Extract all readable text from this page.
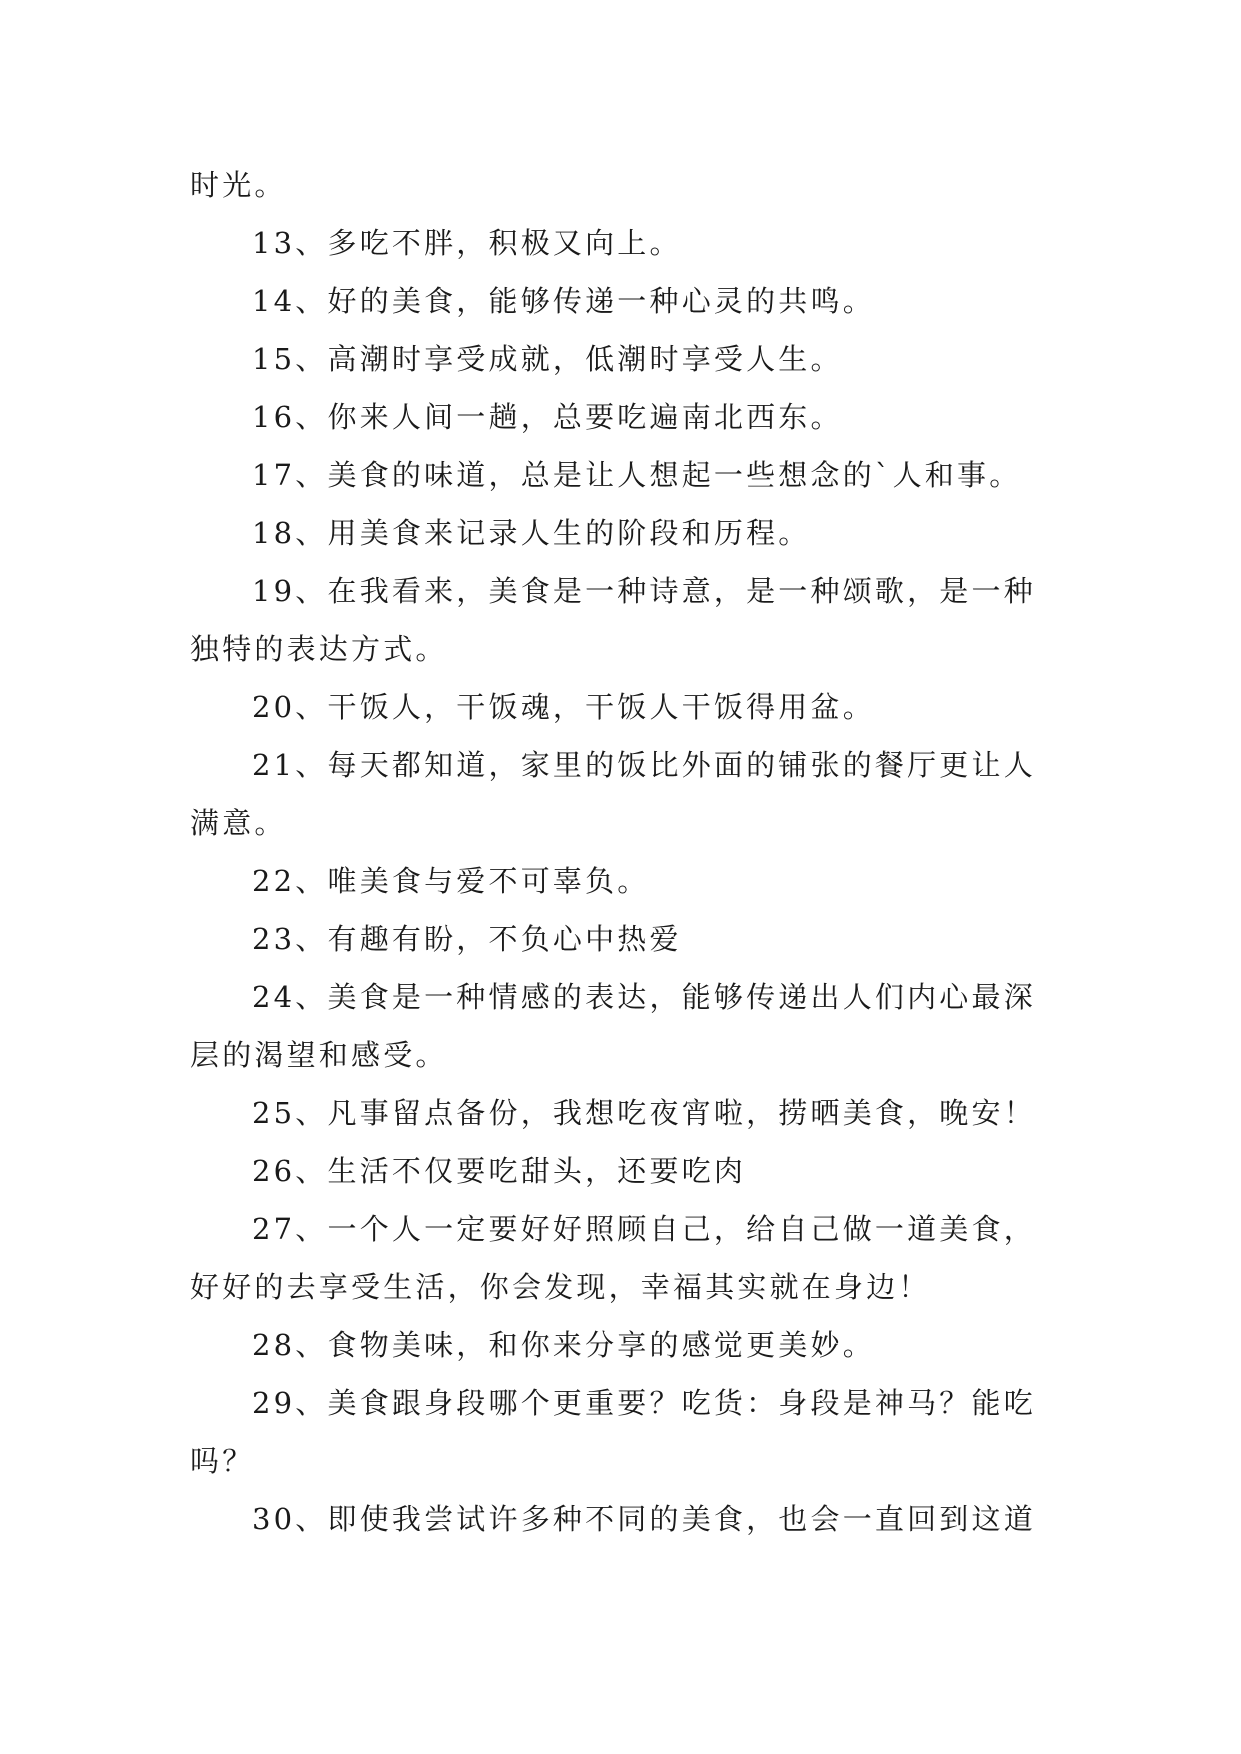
时光。
13、多吃不胖，积极又向上。
14、好的美食，能够传递一种心灵的共鸣。
15、高潮时享受成就，低潮时享受人生。
16、你来人间一趟，总要吃遍南北西东。
17、美食的味道，总是让人想起一些想念的`人和事。
18、用美食来记录人生的阶段和历程。
19、在我看来，美食是一种诗意，是一种颂歌，是一种
独特的表达方式。
20、干饭人，干饭魂，干饭人干饭得用盆。
21、每天都知道，家里的饭比外面的铺张的餐厅更让人
满意。
22、唯美食与爱不可辜负。
23、有趣有盼，不负心中热爱
24、美食是一种情感的表达，能够传递出人们内心最深
层的渴望和感受。
25、凡事留点备份，我想吃夜宵啦，捞晒美食，晚安！
26、生活不仅要吃甜头，还要吃肉
27、一个人一定要好好照顾自己，给自己做一道美食，
好好的去享受生活，你会发现，幸福其实就在身边！
28、食物美味，和你来分享的感觉更美妙。
29、美食跟身段哪个更重要？吃货：身段是神马？能吃
吗？
30、即使我尝试许多种不同的美食，也会一直回到这道
